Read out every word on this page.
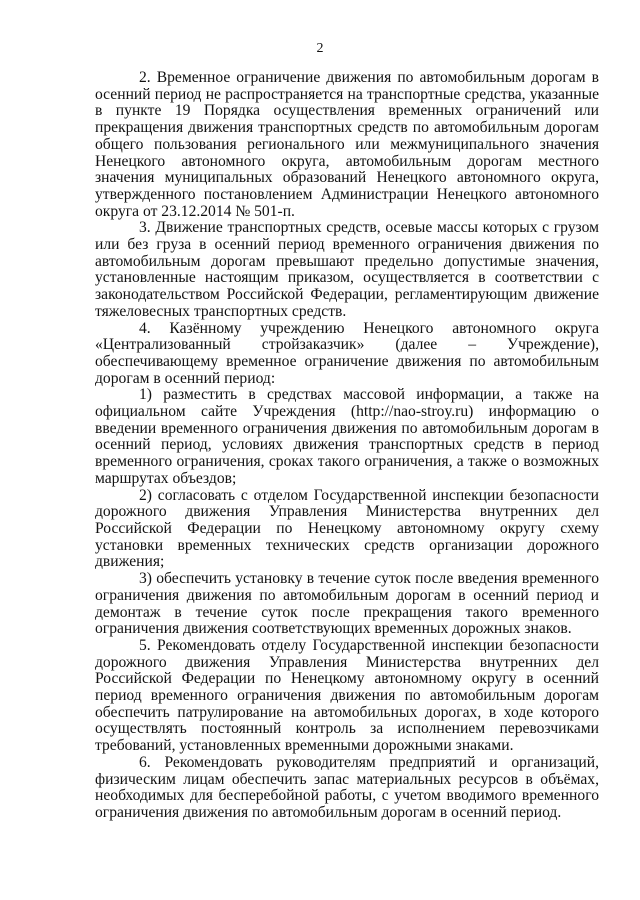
2

2. Временное ограничение движения по автомобильным дорогам в осенний период не распространяется на транспортные средства, указанные в пункте 19 Порядка осуществления временных ограничений или прекращения движения транспортных средств по автомобильным дорогам общего пользования регионального или межмуниципального значения Ненецкого автономного округа, автомобильным дорогам местного значения муниципальных образований Ненецкого автономного округа, утвержденного постановлением Администрации Ненецкого автономного округа от 23.12.2014 № 501-п.

3. Движение транспортных средств, осевые массы которых с грузом или без груза в осенний период временного ограничения движения по автомобильным дорогам превышают предельно допустимые значения, установленные настоящим приказом, осуществляется в соответствии с законодательством Российской Федерации, регламентирующим движение тяжеловесных транспортных средств.

4. Казённому учреждению Ненецкого автономного округа «Централизованный стройзаказчик» (далее – Учреждение), обеспечивающему временное ограничение движения по автомобильным дорогам в осенний период:

1) разместить в средствах массовой информации, а также на официальном сайте Учреждения (http://nao-stroy.ru) информацию о введении временного ограничения движения по автомобильным дорогам в осенний период, условиях движения транспортных средств в период временного ограничения, сроках такого ограничения, а также о возможных маршрутах объездов;

2) согласовать с отделом Государственной инспекции безопасности дорожного движения Управления Министерства внутренних дел Российской Федерации по Ненецкому автономному округу схему установки временных технических средств организации дорожного движения;

3) обеспечить установку в течение суток после введения временного ограничения движения по автомобильным дорогам в осенний период и демонтаж в течение суток после прекращения такого временного ограничения движения соответствующих временных дорожных знаков.

5. Рекомендовать отделу Государственной инспекции безопасности дорожного движения Управления Министерства внутренних дел Российской Федерации по Ненецкому автономному округу в осенний период временного ограничения движения по автомобильным дорогам обеспечить патрулирование на автомобильных дорогах, в ходе которого осуществлять постоянный контроль за исполнением перевозчиками требований, установленных временными дорожными знаками.

6. Рекомендовать руководителям предприятий и организаций, физическим лицам обеспечить запас материальных ресурсов в объёмах, необходимых для бесперебойной работы, с учетом вводимого временного ограничения движения по автомобильным дорогам в осенний период.
